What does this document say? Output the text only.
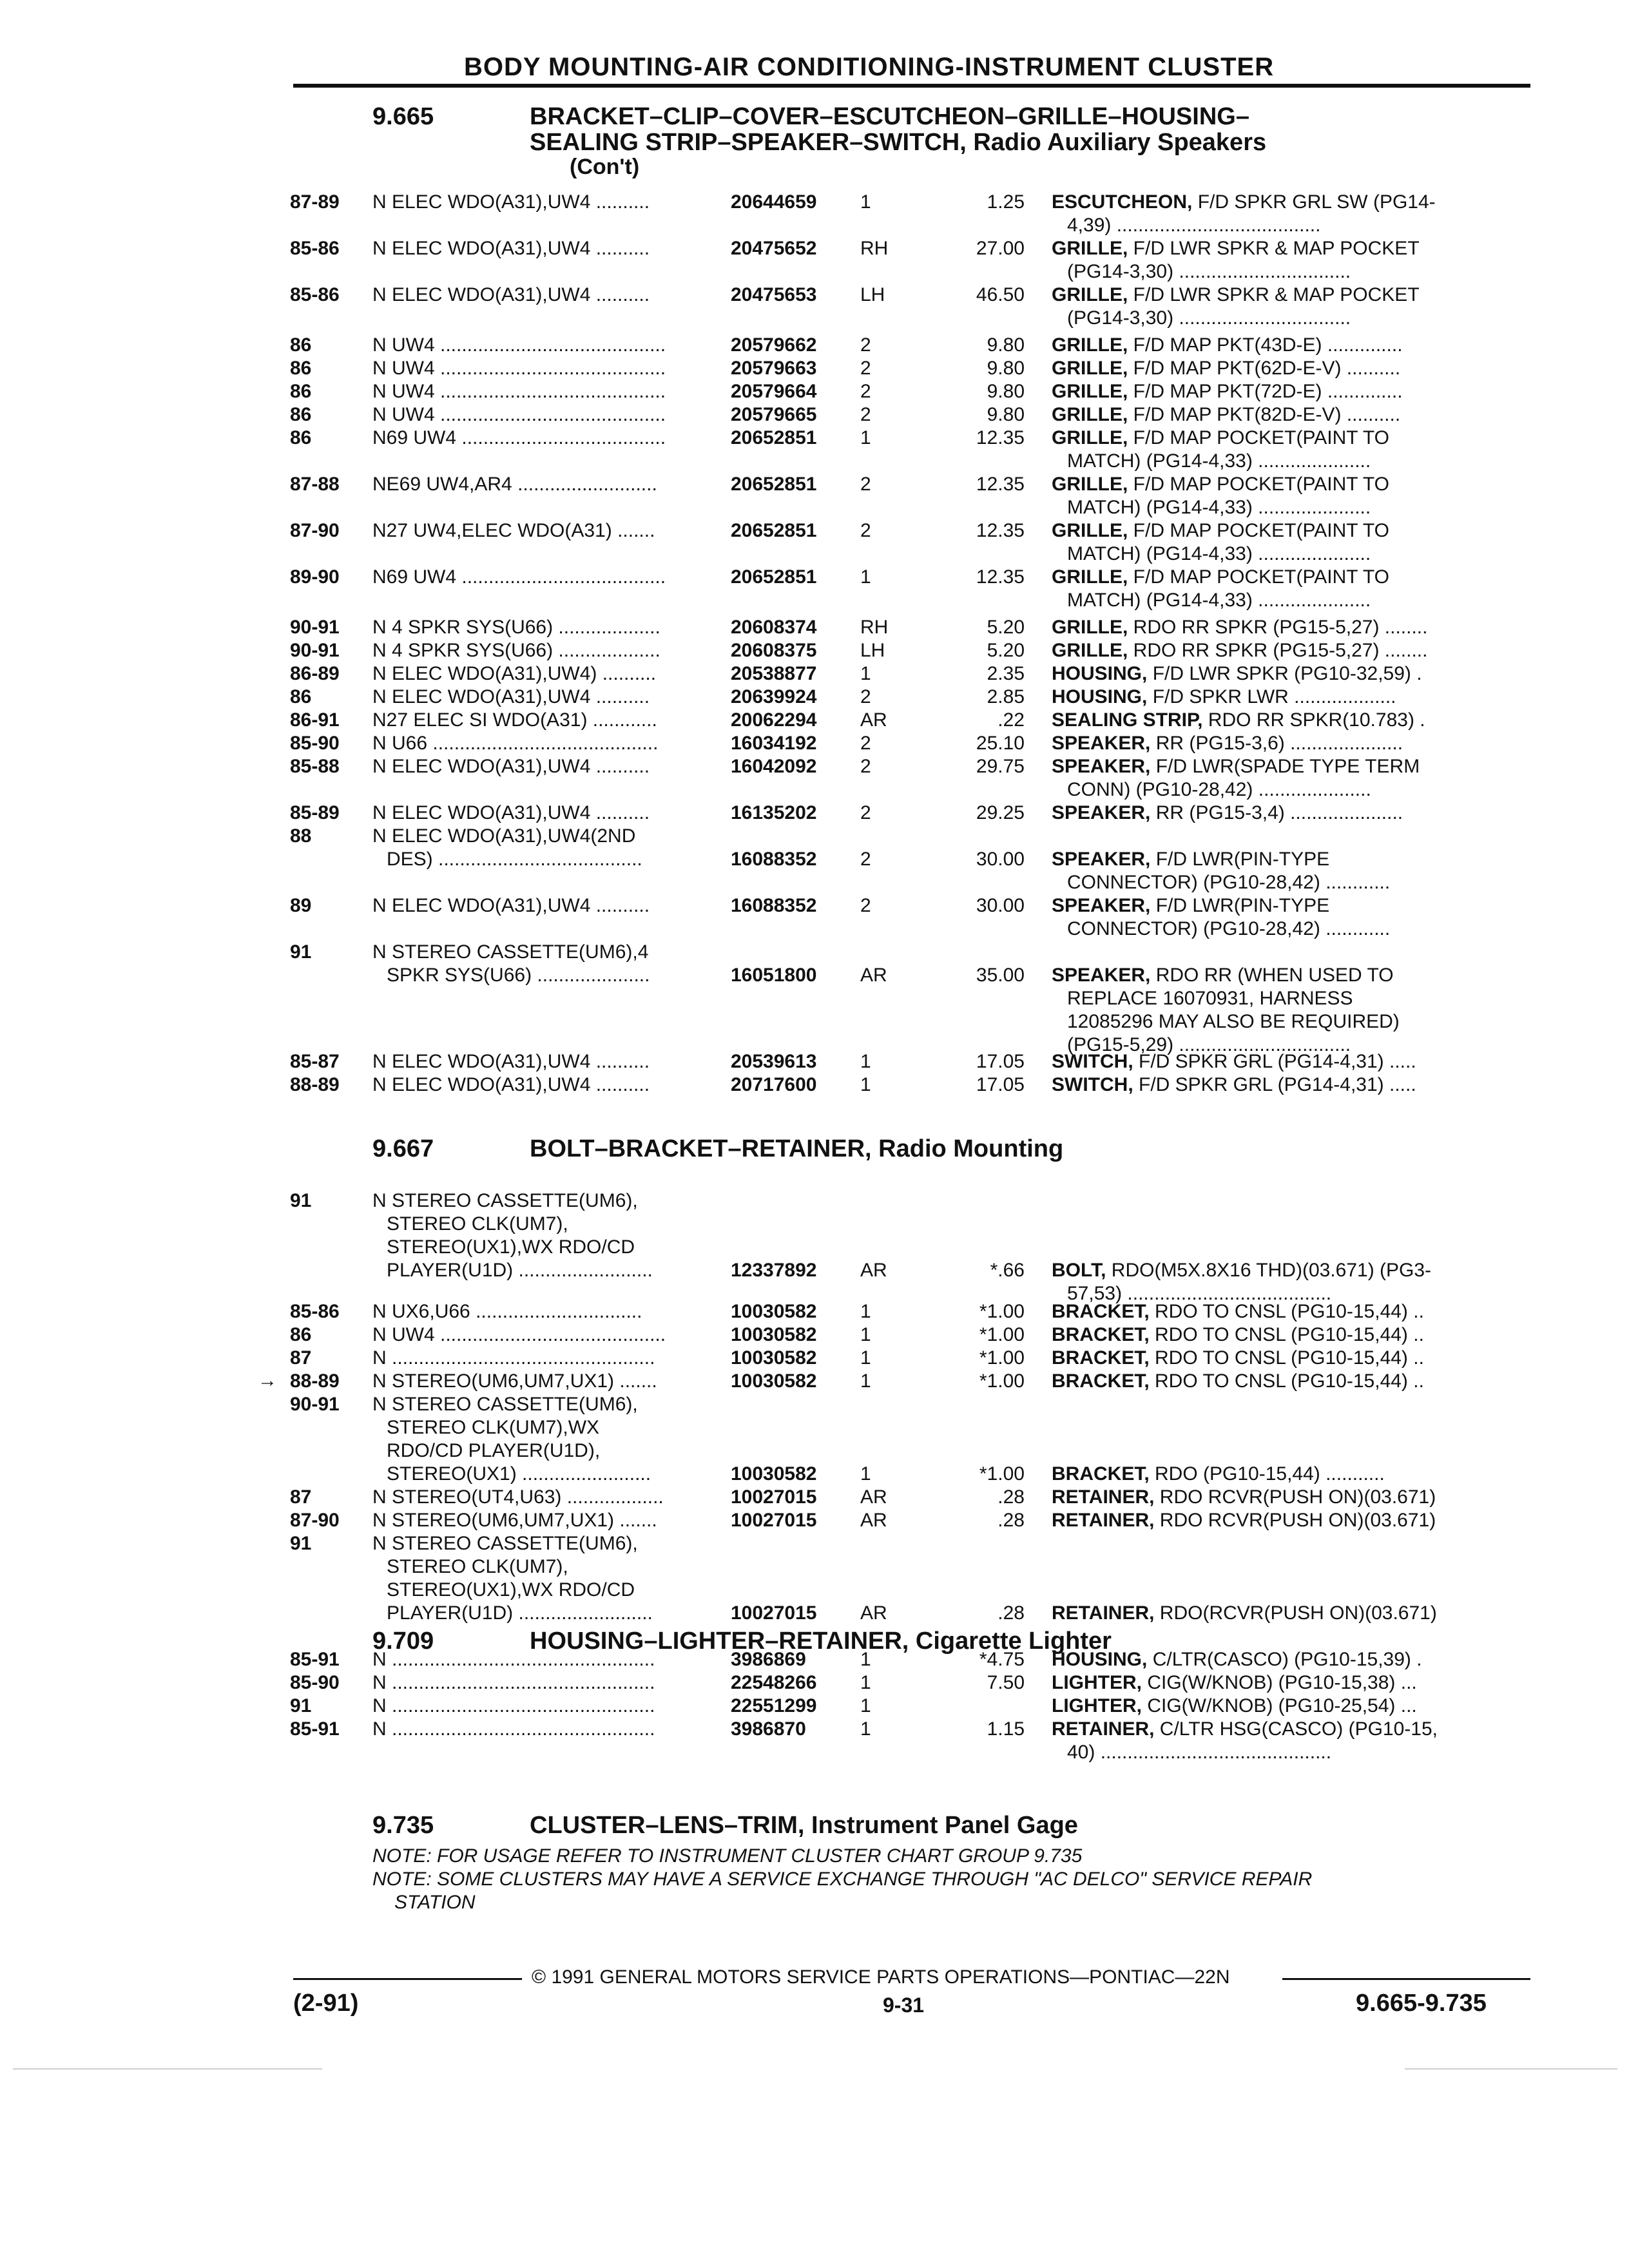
BODY MOUNTING-AIR CONDITIONING-INSTRUMENT CLUSTER
9.665	BRACKET–CLIP–COVER–ESCUTCHEON–GRILLE–HOUSING–
SEALING STRIP–SPEAKER–SWITCH, Radio Auxiliary Speakers
(Con't)
87-89 N ELEC WDO(A31),UW4 ..........	20644659 1	1.25 ESCUTCHEON, F/D SPKR GRL SW (PG14-
4,39) ......................................
85-86 N ELEC WDO(A31),UW4 ..........	20475652 RH	27.00 GRILLE, F/D LWR SPKR & MAP POCKET
(PG14-3,30) ................................
85-86 N ELEC WDO(A31),UW4 ..........	20475653 LH	46.50 GRILLE, F/D LWR SPKR & MAP POCKET
(PG14-3,30) ................................
86	N UW4 ..........................................	20579662 2	9.80 GRILLE, F/D MAP PKT(43D-E) ..............
86	N UW4 ..........................................	20579663 2	9.80 GRILLE, F/D MAP PKT(62D-E-V) ..........
86	N UW4 ..........................................	20579664 2	9.80 GRILLE, F/D MAP PKT(72D-E) ..............
86	N UW4 ..........................................	20579665 2	9.80 GRILLE, F/D MAP PKT(82D-E-V) ..........
86	N69 UW4 ......................................	20652851 1	12.35 GRILLE, F/D MAP POCKET(PAINT TO
MATCH) (PG14-4,33) .....................
87-88 NE69 UW4,AR4 ..........................	20652851 2	12.35 GRILLE, F/D MAP POCKET(PAINT TO
MATCH) (PG14-4,33) .....................
87-90 N27 UW4,ELEC WDO(A31) .......	20652851 2	12.35 GRILLE, F/D MAP POCKET(PAINT TO
MATCH) (PG14-4,33) .....................
89-90 N69 UW4 ......................................	20652851 1	12.35 GRILLE, F/D MAP POCKET(PAINT TO
MATCH) (PG14-4,33) .....................
90-91 N 4 SPKR SYS(U66) ...................	20608374 RH	5.20 GRILLE, RDO RR SPKR (PG15-5,27) ........
90-91 N 4 SPKR SYS(U66) ...................	20608375 LH	5.20 GRILLE, RDO RR SPKR (PG15-5,27) ........
86-89 N ELEC WDO(A31),UW4) ..........	20538877 1	2.35 HOUSING, F/D LWR SPKR (PG10-32,59) .
86	N ELEC WDO(A31),UW4 ..........	20639924 2	2.85 HOUSING, F/D SPKR LWR ...................
86-91 N27 ELEC SI WDO(A31) ............	20062294 AR	.22 SEALING STRIP, RDO RR SPKR(10.783) .
85-90 N U66 ..........................................	16034192 2	25.10 SPEAKER, RR (PG15-3,6) .....................
85-88 N ELEC WDO(A31),UW4 ..........	16042092 2	29.75 SPEAKER, F/D LWR(SPADE TYPE TERM
CONN) (PG10-28,42) .....................
85-89 N ELEC WDO(A31),UW4 ..........	16135202 2	29.25 SPEAKER, RR (PG15-3,4) .....................
88	N ELEC WDO(A31),UW4(2ND
DES) ......................................	16088352 2	30.00 SPEAKER, F/D LWR(PIN-TYPE
CONNECTOR) (PG10-28,42) ............
89	N ELEC WDO(A31),UW4 ..........	16088352 2	30.00 SPEAKER, F/D LWR(PIN-TYPE
CONNECTOR) (PG10-28,42) ............
91	N STEREO CASSETTE(UM6),4
SPKR SYS(U66) .....................	16051800 AR	35.00 SPEAKER, RDO RR (WHEN USED TO
REPLACE 16070931, HARNESS
12085296 MAY ALSO BE REQUIRED)
(PG15-5,29) ................................
85-87 N ELEC WDO(A31),UW4 ..........	20539613 1	17.05 SWITCH, F/D SPKR GRL (PG14-4,31) .....
88-89 N ELEC WDO(A31),UW4 ..........	20717600 1	17.05 SWITCH, F/D SPKR GRL (PG14-4,31) .....
91	N STEREO CASSETTE(UM6),
STEREO CLK(UM7),
STEREO(UX1),WX RDO/CD
PLAYER(U1D) .........................	12337892 AR	*.66 BOLT, RDO(M5X.8X16 THD)(03.671) (PG3-
57,53) ......................................
85-86 N UX6,U66 ...............................	10030582 1	*1.00 BRACKET, RDO TO CNSL (PG10-15,44) ..
86	N UW4 ..........................................	10030582 1	*1.00 BRACKET, RDO TO CNSL (PG10-15,44) ..
87	N .................................................	10030582 1	*1.00 BRACKET, RDO TO CNSL (PG10-15,44) ..
88-89 N STEREO(UM6,UM7,UX1) .......	10030582 1	*1.00 BRACKET, RDO TO CNSL (PG10-15,44) ..
90-91 N STEREO CASSETTE(UM6),
STEREO CLK(UM7),WX
RDO/CD PLAYER(U1D),
STEREO(UX1) ........................	10030582 1	*1.00 BRACKET, RDO (PG10-15,44) ...........
87	N STEREO(UT4,U63) ..................	10027015 AR	.28 RETAINER, RDO RCVR(PUSH ON)(03.671)
87-90 N STEREO(UM6,UM7,UX1) .......	10027015 AR	.28 RETAINER, RDO RCVR(PUSH ON)(03.671)
91	N STEREO CASSETTE(UM6),
STEREO CLK(UM7),
STEREO(UX1),WX RDO/CD
PLAYER(U1D) .........................	10027015 AR	.28 RETAINER, RDO(RCVR(PUSH ON)(03.671)
85-91 N .................................................	3986869	1	*4.75 HOUSING, C/LTR(CASCO) (PG10-15,39) .
85-90 N .................................................	22548266 1	7.50 LIGHTER, CIG(W/KNOB) (PG10-15,38) ...
91	N .................................................	22551299 1	LIGHTER, CIG(W/KNOB) (PG10-25,54) ...
85-91 N .................................................	3986870	1	1.15 RETAINER, C/LTR HSG(CASCO) (PG10-15,
40) ...........................................
9.667	BOLT–BRACKET–RETAINER, Radio Mounting
→
9.709	HOUSING–LIGHTER–RETAINER, Cigarette Lighter
9.735	CLUSTER–LENS–TRIM, Instrument Panel Gage
NOTE: FOR USAGE REFER TO INSTRUMENT CLUSTER CHART GROUP 9.735
NOTE: SOME CLUSTERS MAY HAVE A SERVICE EXCHANGE THROUGH "AC DELCO" SERVICE REPAIR
STATION
© 1991 GENERAL MOTORS SERVICE PARTS OPERATIONS—PONTIAC—22N
(2-91)	9-31	9.665-9.735
